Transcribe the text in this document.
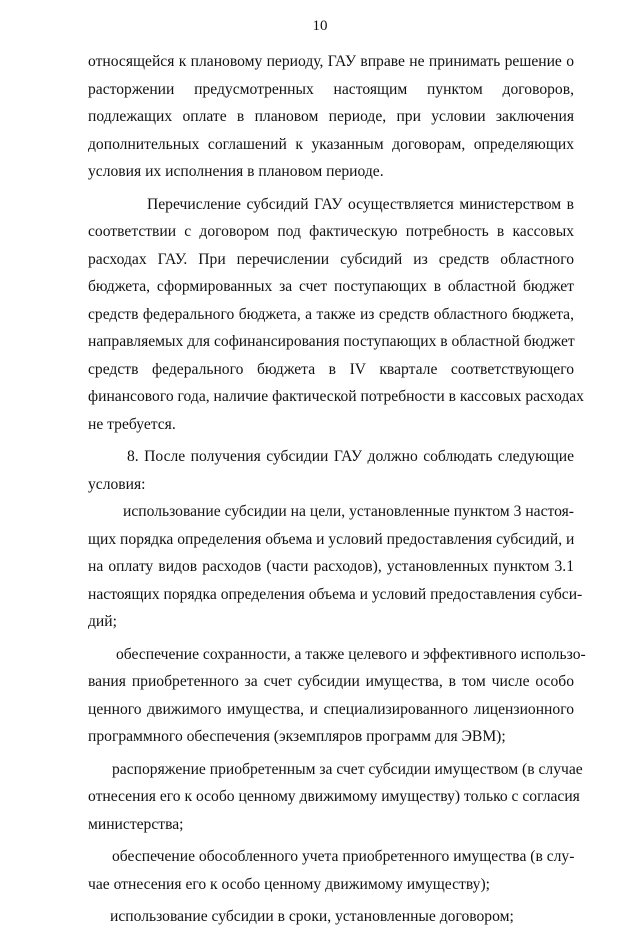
10
относящейся к плановому периоду, ГАУ вправе не принимать решение о
расторжении предусмотренных настоящим пунктом договоров,
подлежащих оплате в плановом периоде, при условии заключения
дополнительных соглашений к указанным договорам, определяющих
условия их исполнения в плановом периоде.
Перечисление субсидий ГАУ осуществляется министерством в
соответствии с договором под фактическую потребность в кассовых
расходах ГАУ. При перечислении субсидий из средств областного
бюджета, сформированных за счет поступающих в областной бюджет
средств федерального бюджета, а также из средств областного бюджета,
направляемых для софинансирования поступающих в областной бюджет
средств федерального бюджета в IV квартале соответствующего
финансового года, наличие фактической потребности в кассовых расходах
не требуется.
8. После получения субсидии ГАУ должно соблюдать следующие
условия:
использование субсидии на цели, установленные пунктом 3 настоя-
щих порядка определения объема и условий предоставления субсидий, и
на оплату видов расходов (части расходов), установленных пунктом 3.1
настоящих порядка определения объема и условий предоставления субси-
дий;
обеспечение сохранности, а также целевого и эффективного использо-
вания приобретенного за счет субсидии имущества, в том числе особо
ценного движимого имущества, и специализированного лицензионного
программного обеспечения (экземпляров программ для ЭВМ);
распоряжение приобретенным за счет субсидии имуществом (в случае
отнесения его к особо ценному движимому имуществу) только с согласия
министерства;
обеспечение обособленного учета приобретенного имущества (в слу-
чае отнесения его к особо ценному движимому имуществу);
использование субсидии в сроки, установленные договором;
